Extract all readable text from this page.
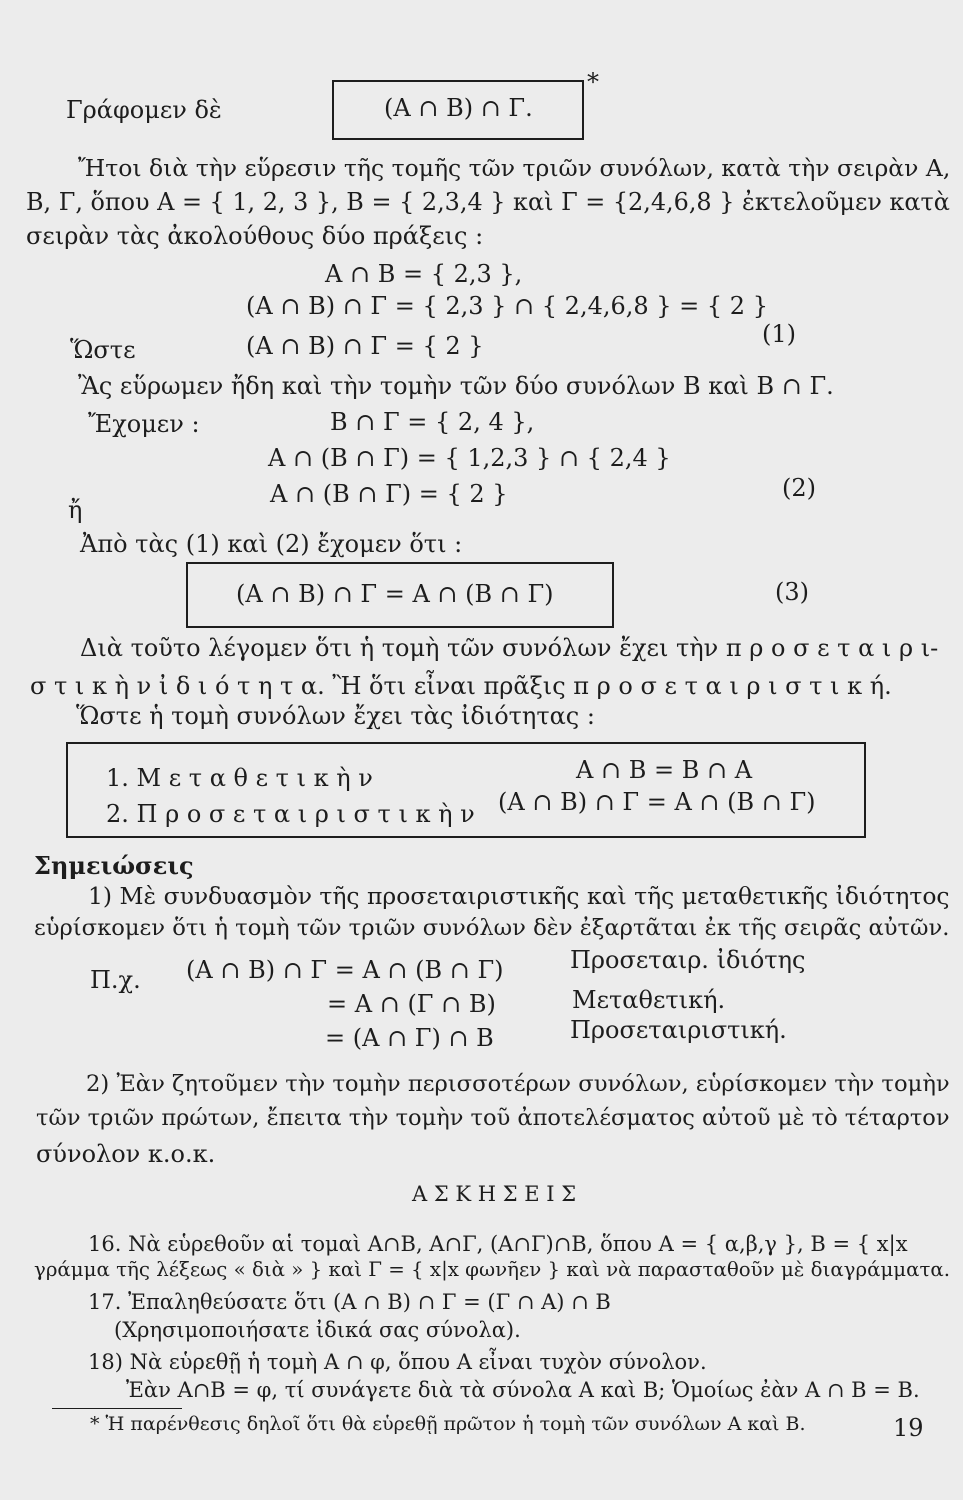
Γράφομεν δὲ	(A ∩ B) ∩ Γ.
*
Ἤτοι διὰ τὴν εὕρεσιν τῆς τομῆς τῶν τριῶν συνόλων, κατὰ τὴν σειρὰν A,
B, Γ, ὅπου A = { 1, 2, 3 }, B = { 2,3,4 } καὶ Γ = {2,4,6,8 } ἐκτελοῦμεν κατὰ
σειρὰν τὰς ἀκολούθους δύο πράξεις :
A ∩ B = { 2,3 },
(A ∩ B) ∩ Γ = { 2,3 } ∩ { 2,4,6,8 } = { 2 }
Ὥστε	(A ∩ B) ∩ Γ = { 2 }	(1)
Ἂς εὕρωμεν ἤδη καὶ τὴν τομὴν τῶν δύο συνόλων B καὶ B ∩ Γ.
Ἔχομεν :	B ∩ Γ = { 2, 4 },
A ∩ (B ∩ Γ) = { 1,2,3 } ∩ { 2,4 }
ἤ
A ∩ (B ∩ Γ) = { 2 }	(2)
Ἀπὸ τὰς (1) καὶ (2) ἔχομεν ὅτι :
(A ∩ B) ∩ Γ = A ∩ (B ∩ Γ)	(3)
Διὰ τοῦτο λέγομεν ὅτι ἡ τομὴ τῶν συνόλων ἔχει τὴν π ρ ο σ ε τ α ι ρ ι-
σ τ ι κ ὴ ν ἰ δ ι ό τ η τ α. Ἢ ὅτι εἶναι πρᾶξις π ρ ο σ ε τ α ι ρ ι σ τ ι κ ή.
Ὥστε ἡ τομὴ συνόλων ἔχει τὰς ἰδιότητας :
1. Μ ε τ α θ ε τ ι κ ὴ ν	A ∩ B = B ∩ A
2. Π ρ ο σ ε τ α ι ρ ι σ τ ι κ ὴ ν (A ∩ B) ∩ Γ = A ∩ (B ∩ Γ)
Σημειώσεις
1) Μὲ συνδυασμὸν τῆς προσεταιριστικῆς καὶ τῆς μεταθετικῆς ἰδιότητος
εὑρίσκομεν ὅτι ἡ τομὴ τῶν τριῶν συνόλων δὲν ἐξαρτᾶται ἐκ τῆς σειρᾶς αὐτῶν.
Π.χ. (A ∩ B) ∩ Γ = A ∩ (B ∩ Γ)	Προσεταιρ. ἰδιότης
= A ∩ (Γ ∩ B)	Μεταθετική.
= (A ∩ Γ) ∩ B	Προσεταιριστική.
2) Ἐὰν ζητοῦμεν τὴν τομὴν περισσοτέρων συνόλων, εὑρίσκομεν τὴν τομὴν
τῶν τριῶν πρώτων, ἔπειτα τὴν τομὴν τοῦ ἀποτελέσματος αὐτοῦ μὲ τὸ τέταρτον
σύνολον κ.ο.κ.
Α Σ Κ Η Σ Ε Ι Σ
16. Νὰ εὑρεθοῦν αἱ τομαὶ A∩B, A∩Γ, (A∩Γ)∩B, ὅπου A = { α,β,γ }, B = { x|x
γράμμα τῆς λέξεως « διὰ » } καὶ Γ = { x|x φωνῆεν } καὶ νὰ παρασταθοῦν μὲ διαγράμματα.
17. Ἐπαληθεύσατε ὅτι (A ∩ B) ∩ Γ = (Γ ∩ A) ∩ B
(Χρησιμοποιήσατε ἰδικά σας σύνολα).
18) Νὰ εὑρεθῇ ἡ τομὴ A ∩ φ, ὅπου A εἶναι τυχὸν σύνολον.
Ἐὰν A∩B = φ, τί συνάγετε διὰ τὰ σύνολα A καὶ B; Ὁμοίως ἐὰν A ∩ B = B.
* Ἡ παρένθεσις δηλοῖ ὅτι θὰ εὑρεθῇ πρῶτον ἡ τομὴ τῶν συνόλων A καὶ B.	19
